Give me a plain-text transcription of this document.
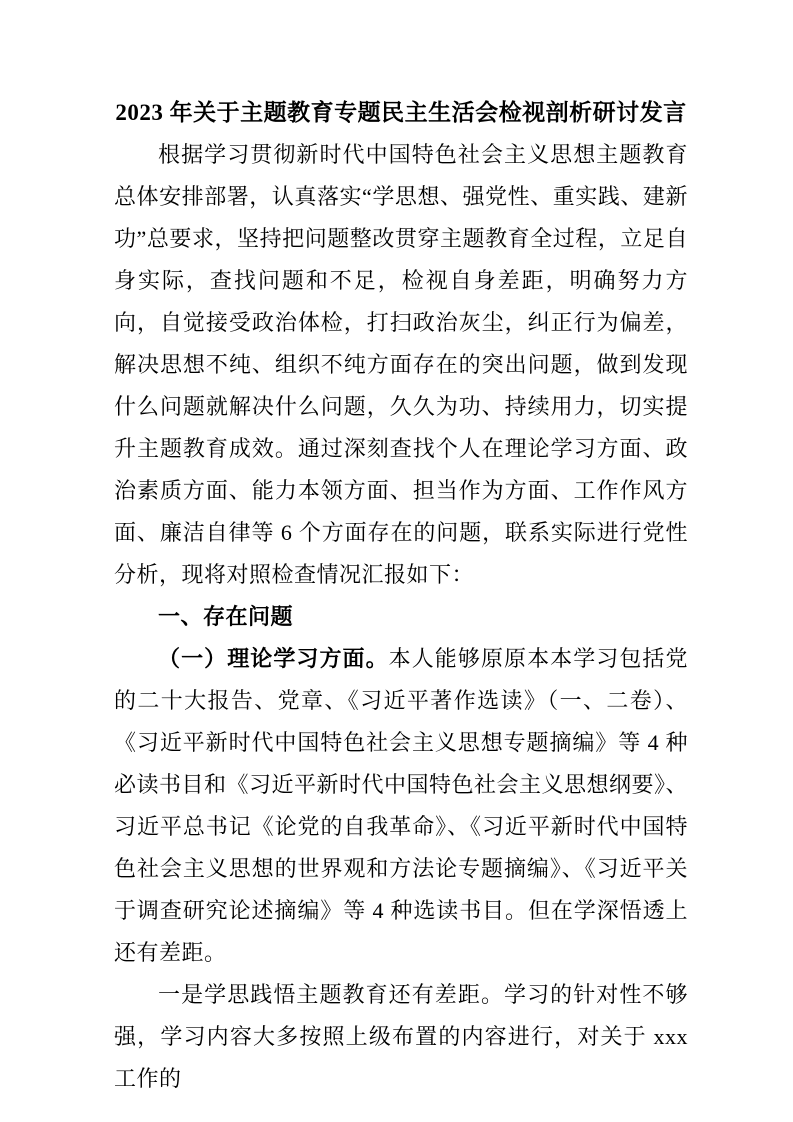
2023 年关于主题教育专题民主生活会检视剖析研讨发言

根据学习贯彻新时代中国特色社会主义思想主题教育总体安排部署，认真落实“学思想、强党性、重实践、建新功”总要求，坚持把问题整改贯穿主题教育全过程，立足自身实际，查找问题和不足，检视自身差距，明确努力方向，自觉接受政治体检，打扫政治灰尘，纠正行为偏差，解决思想不纯、组织不纯方面存在的突出问题，做到发现什么问题就解决什么问题，久久为功、持续用力，切实提升主题教育成效。通过深刻查找个人在理论学习方面、政治素质方面、能力本领方面、担当作为方面、工作作风方面、廉洁自律等 6 个方面存在的问题，联系实际进行党性分析，现将对照检查情况汇报如下：

一、存在问题

（一）理论学习方面。本人能够原原本本学习包括党的二十大报告、党章、《习近平著作选读》（一、二卷）、《习近平新时代中国特色社会主义思想专题摘编》等 4 种必读书目和《习近平新时代中国特色社会主义思想纲要》、习近平总书记《论党的自我革命》、《习近平新时代中国特色社会主义思想的世界观和方法论专题摘编》、《习近平关于调查研究论述摘编》等 4 种选读书目。但在学深悟透上还有差距。

一是学思践悟主题教育还有差距。学习的针对性不够强，学习内容大多按照上级布置的内容进行，对关于 xxx 工作的
